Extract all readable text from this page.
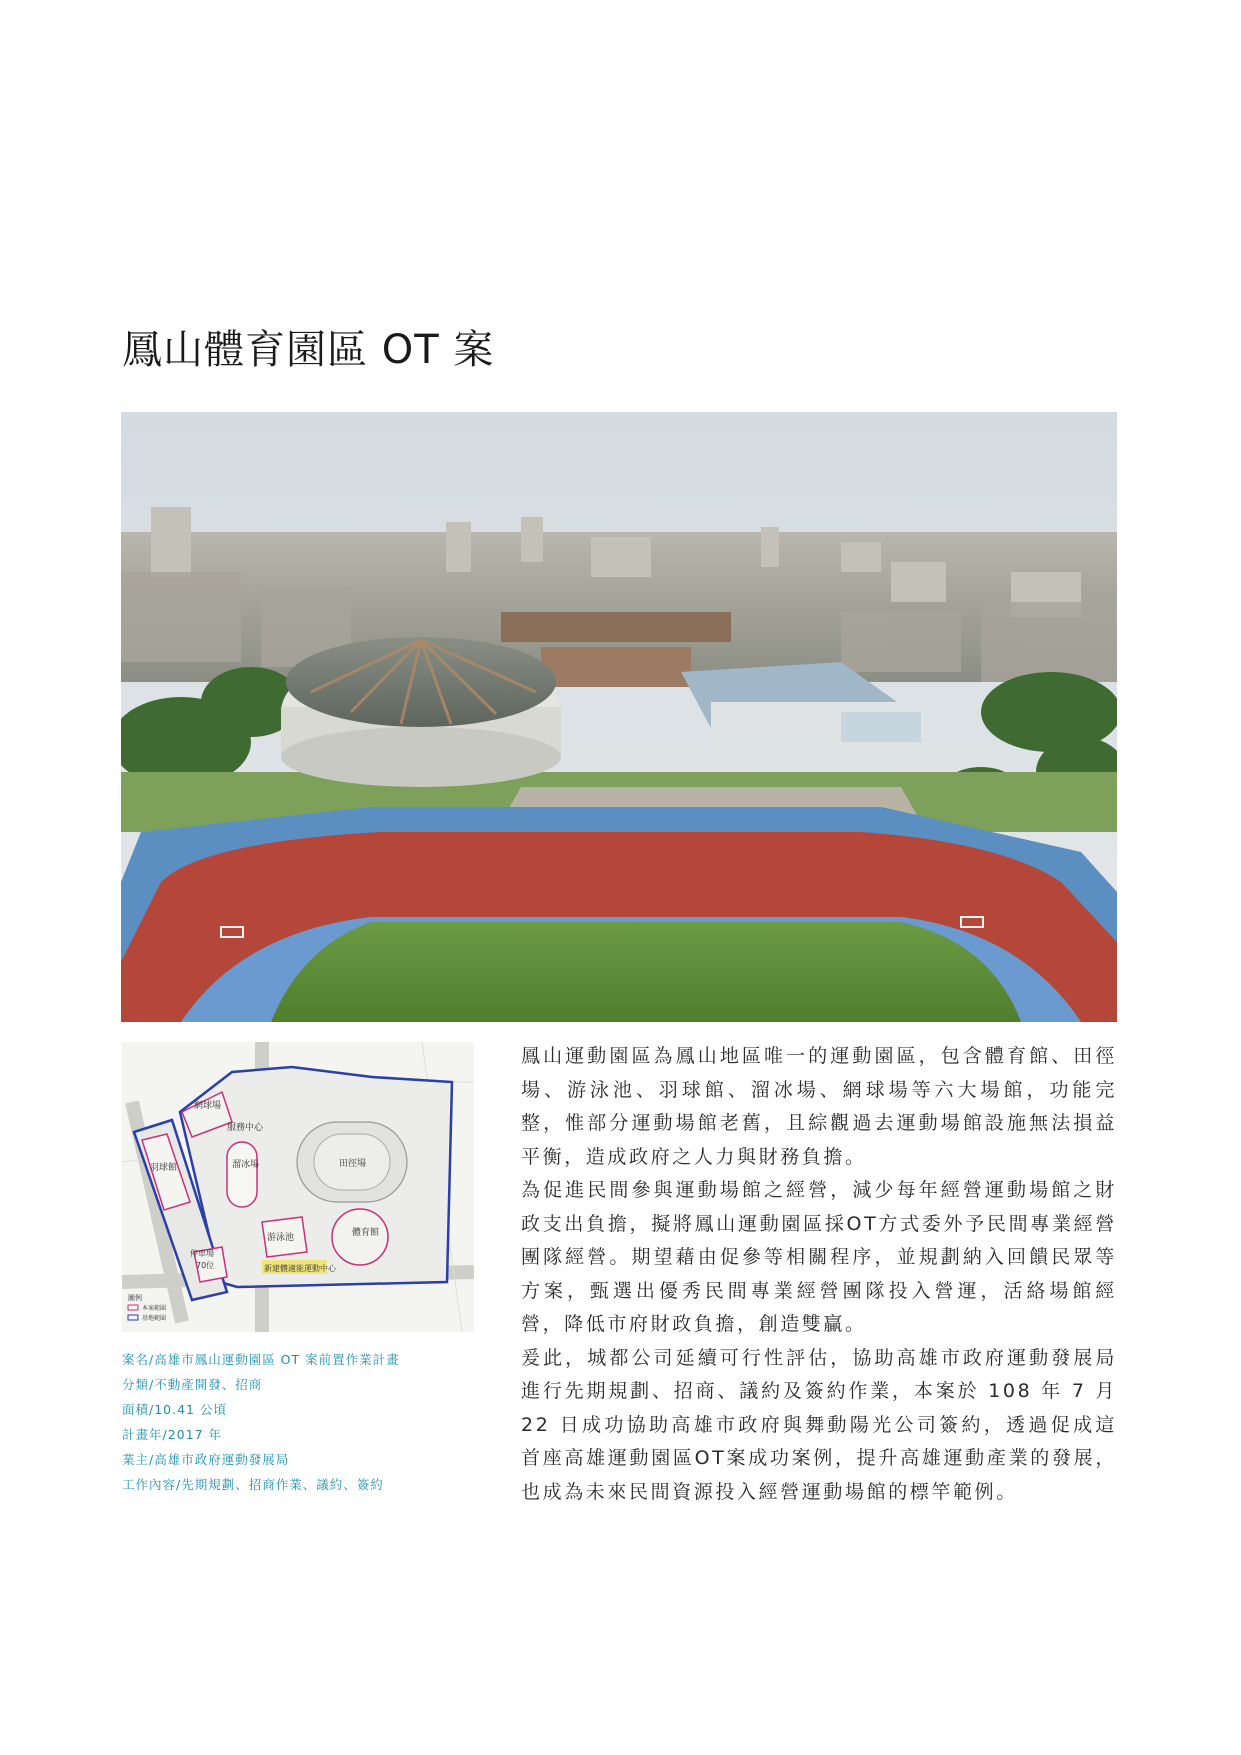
鳳山體育園區 OT 案
田徑場
溜冰場
網球場
服務中心
羽球館
停車場
70位
游泳池
新建體適能運動中心
體育館
圖例
本案範圍
基地範圍
案名/高雄市鳳山運動園區 OT 案前置作業計畫
分類/不動產開發、招商
面積/10.41 公頃
計畫年/2017 年
業主/高雄市政府運動發展局
工作內容/先期規劃、招商作業、議約、簽約

鳳山運動園區為鳳山地區唯一的運動園區，包含體育館、田徑場、游泳池、羽球館、溜冰場、網球場等六大場館，功能完整，惟部分運動場館老舊，且綜觀過去運動場館設施無法損益平衡，造成政府之人力與財務負擔。

為促進民間參與運動場館之經營，減少每年經營運動場館之財政支出負擔，擬將鳳山運動園區採OT方式委外予民間專業經營團隊經營。期望藉由促參等相關程序，並規劃納入回饋民眾等方案，甄選出優秀民間專業經營團隊投入營運，活絡場館經營，降低市府財政負擔，創造雙贏。

爰此，城都公司延續可行性評估，協助高雄市政府運動發展局進行先期規劃、招商、議約及簽約作業，本案於 108 年 7 月 22 日成功協助高雄市政府與舞動陽光公司簽約，透過促成這首座高雄運動園區OT案成功案例，提升高雄運動產業的發展，也成為未來民間資源投入經營運動場館的標竿範例。
